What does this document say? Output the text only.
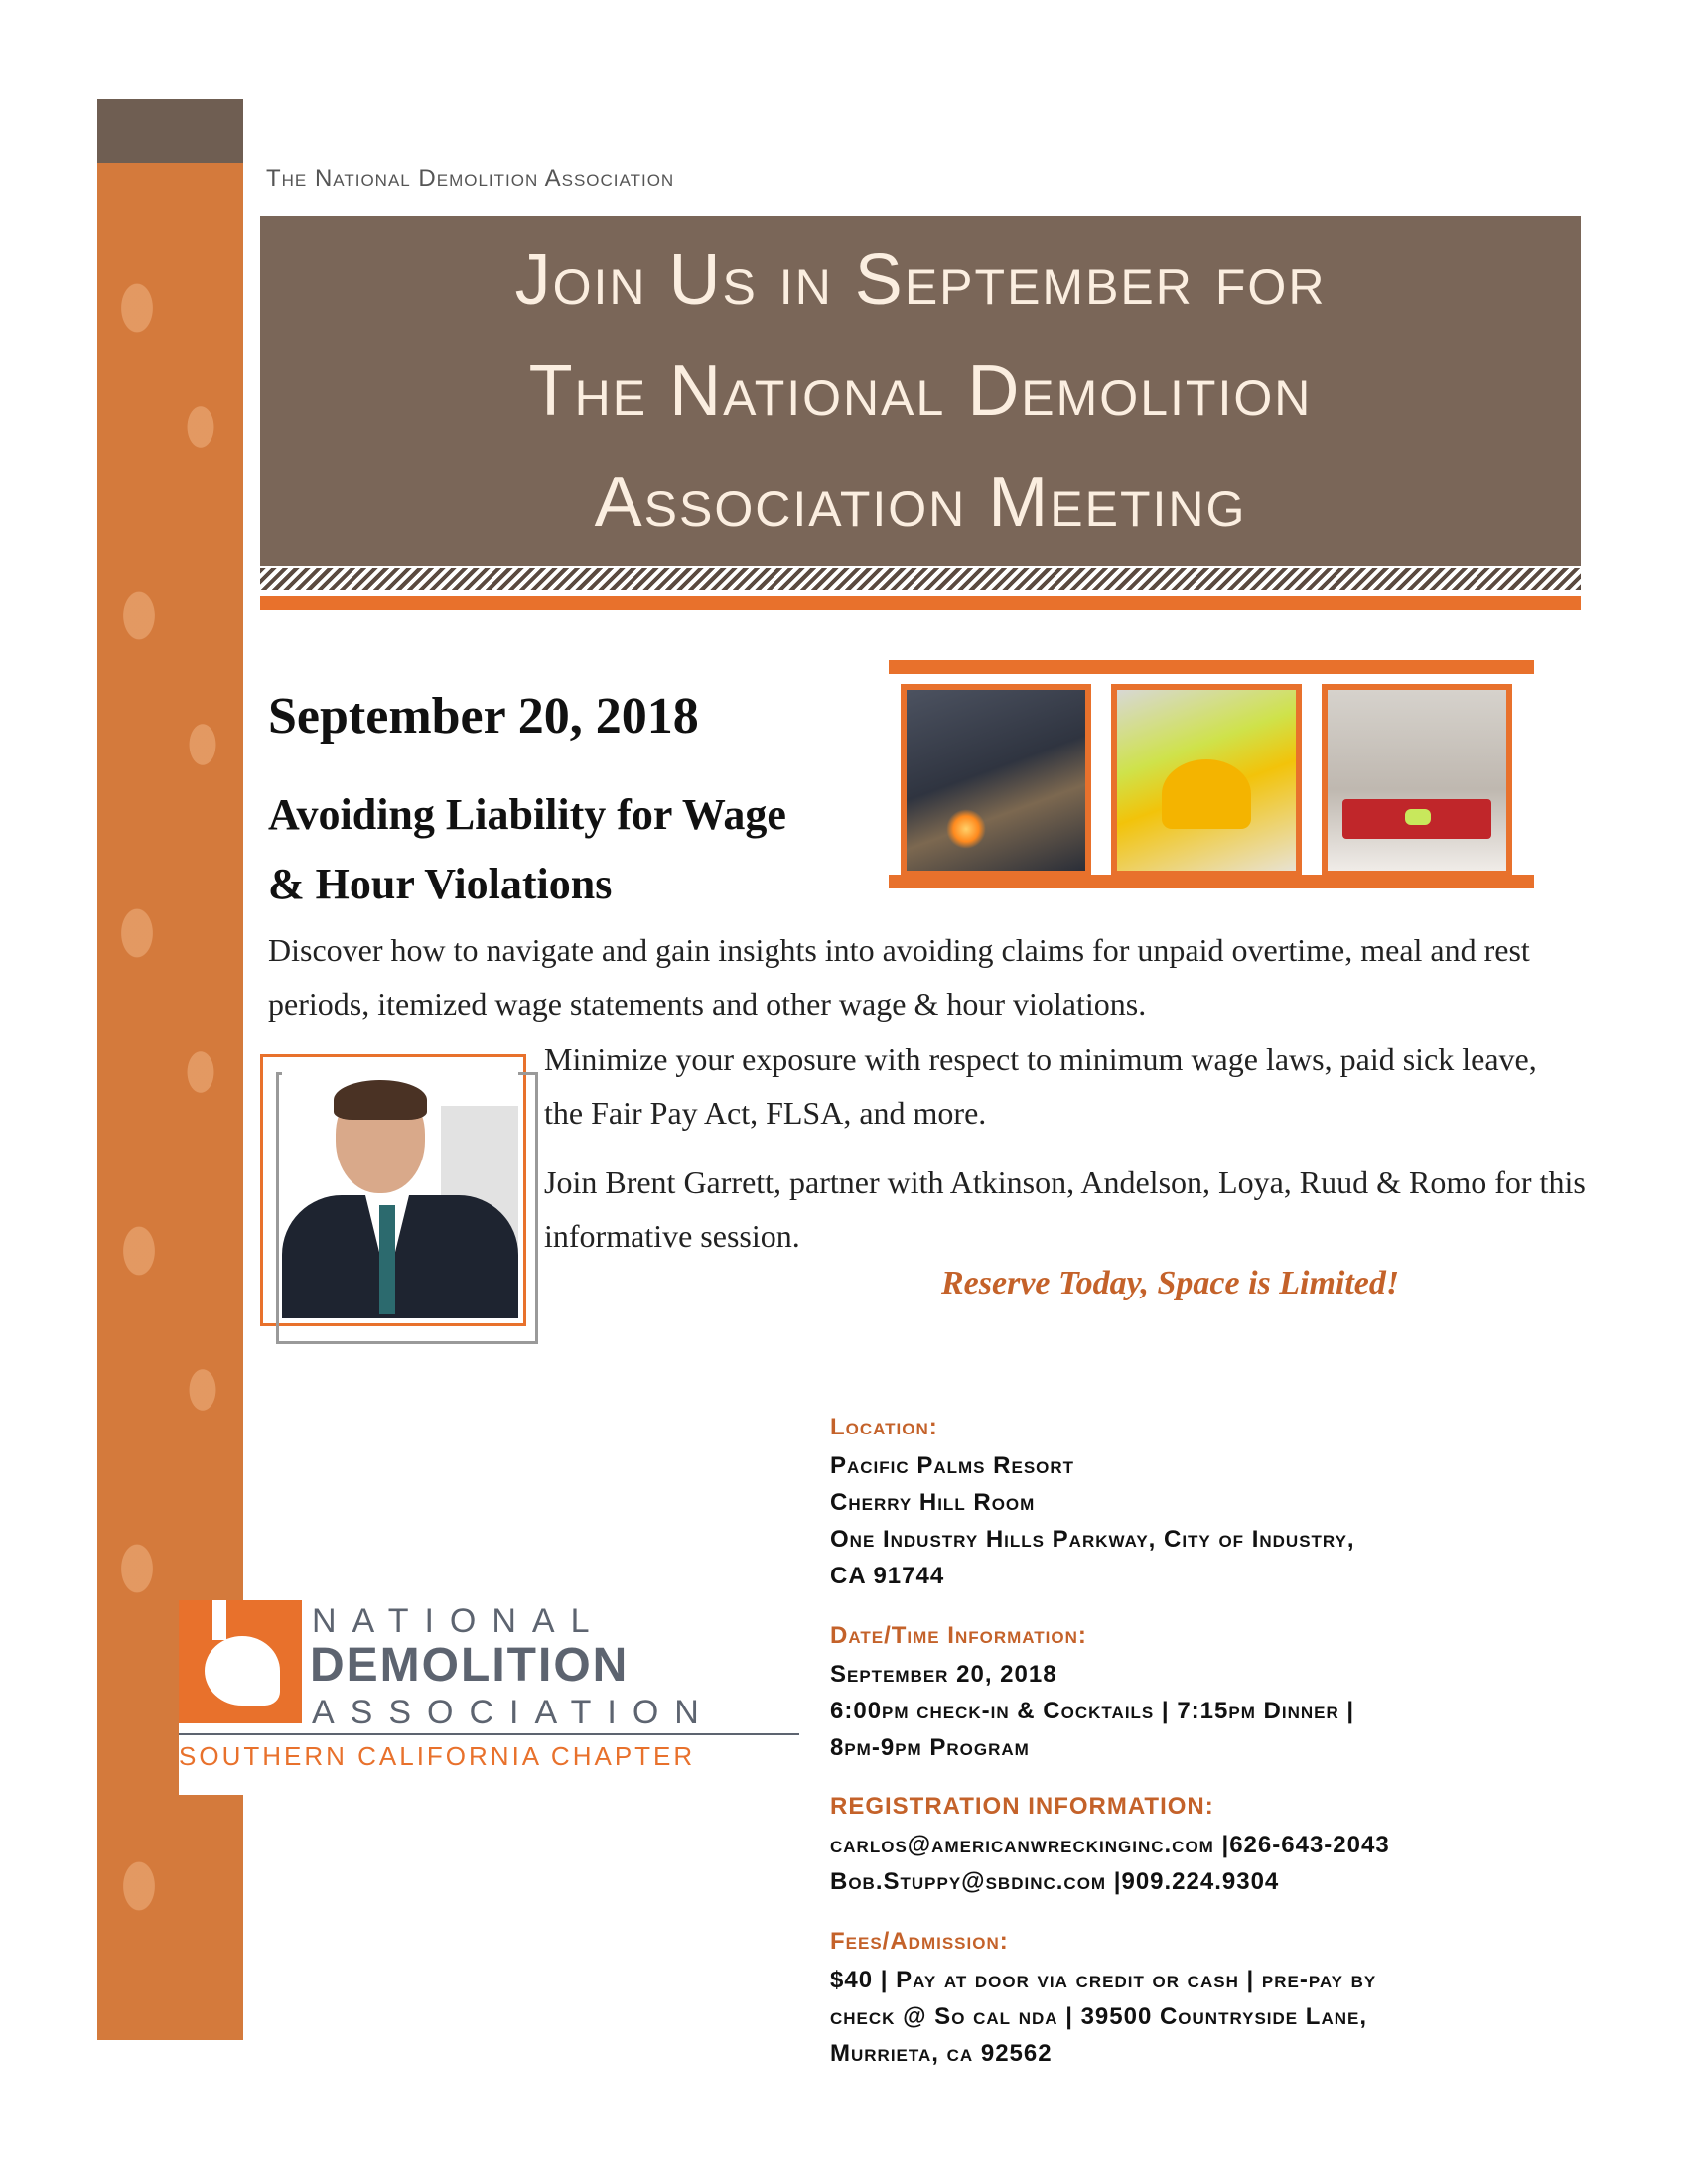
The National Demolition Association
Join Us in September for
The National Demolition
Association Meeting
September 20, 2018
Avoiding Liability for Wage
& Hour Violations

Discover how to navigate and gain insights into avoiding claims for unpaid overtime, meal and rest periods, itemized wage statements and other wage & hour violations.

Minimize your exposure with respect to minimum wage laws, paid sick leave, the Fair Pay Act, FLSA, and more.

Join Brent Garrett, partner with Atkinson, Andelson, Loya, Ruud & Romo for this informative session.

Reserve Today, Space is Limited!

NATIONAL
DEMOLITION
ASSOCIATION
SOUTHERN CALIFORNIA CHAPTER
Location:
Pacific Palms Resort
Cherry Hill Room
One Industry Hills Parkway, City of Industry,
CA 91744
Date/Time Information:
September 20, 2018
6:00pm check-in & Cocktails | 7:15pm Dinner |
8pm-9pm Program
REGISTRATION INFORMATION:
carlos@americanwreckinginc.com |626-643-2043
Bob.Stuppy@sbdinc.com |909.224.9304
Fees/Admission:
$40 | Pay at door via credit or cash | pre-pay by
check @ So cal nda | 39500 Countryside Lane,
Murrieta, ca 92562
